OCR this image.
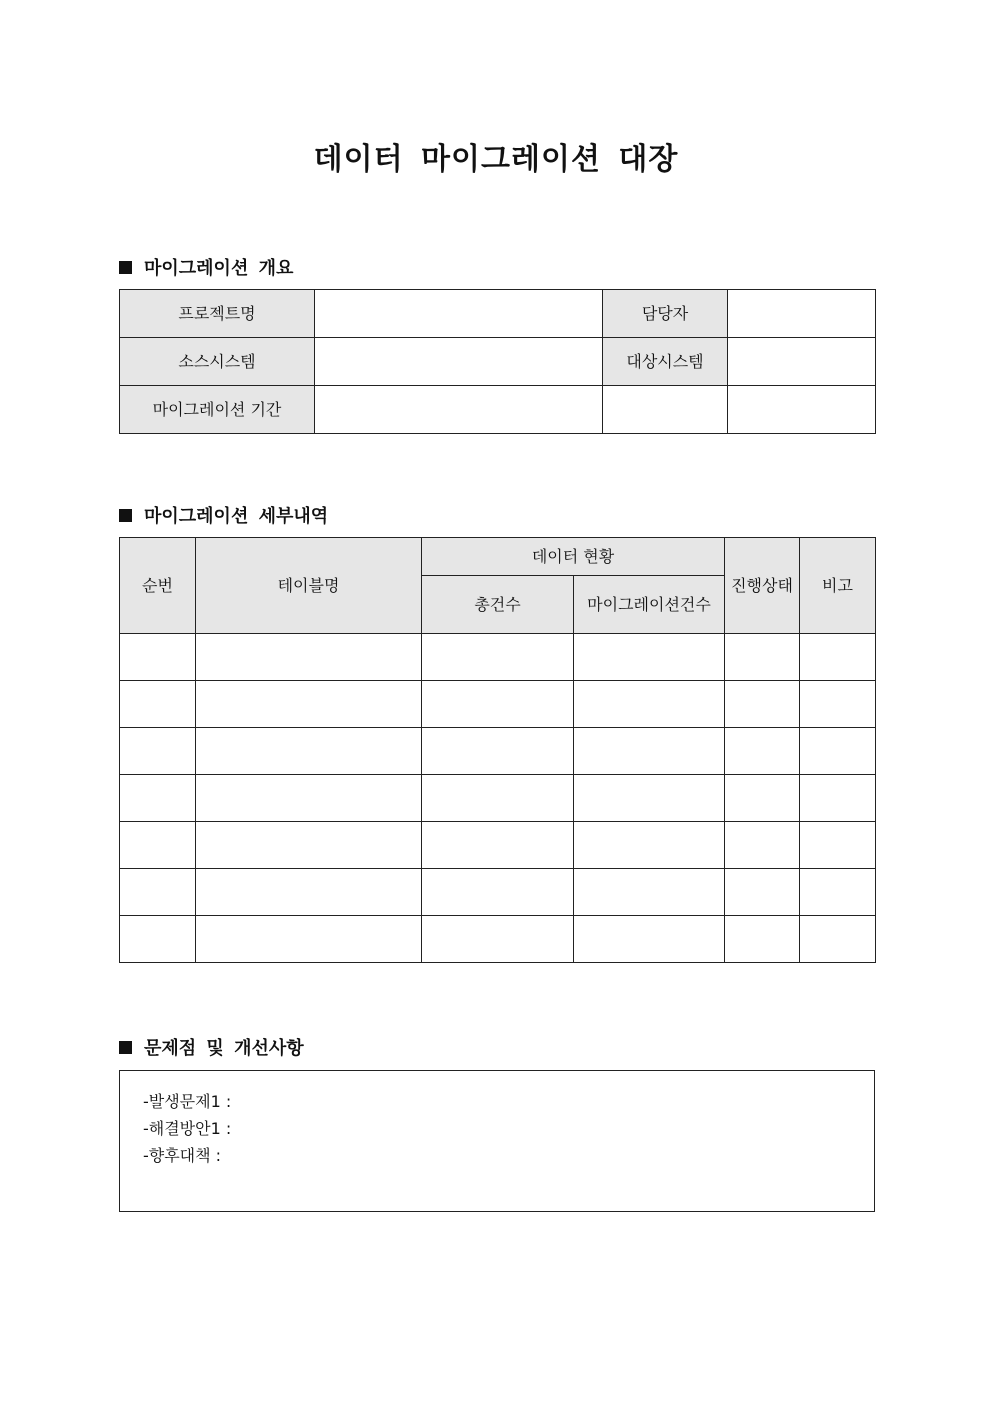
데이터 마이그레이션 대장
마이그레이션 개요
프로젝트명		담당자	
소스시스템		대상시스템	
마이그레이션 기간			
마이그레이션 세부내역
순번	테이블명	데이터 현황		진행상태	비고
		총건수	마이그레이션건수		

문제점 및 개선사항
-발생문제1 :
-해결방안1 :
-향후대책 :
